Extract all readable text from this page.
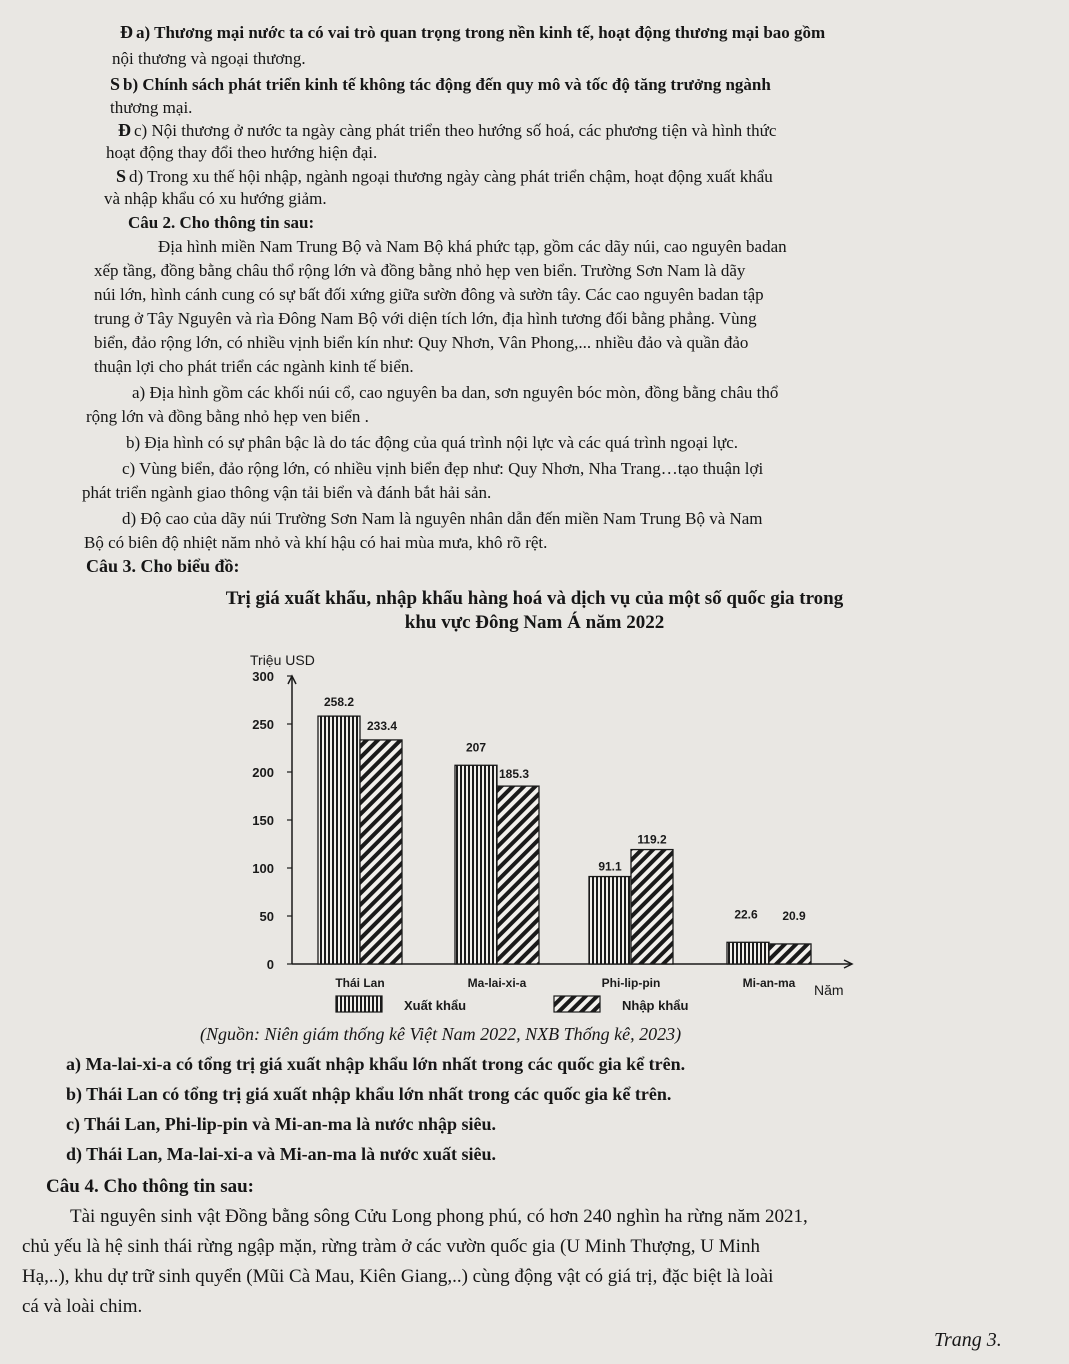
Ð a) Thương mại nước ta có vai trò quan trọng trong nền kinh tế, hoạt động thương mại bao gồm
nội thương và ngoại thương.
S b) Chính sách phát triển kinh tế không tác động đến quy mô và tốc độ tăng trưởng ngành
thương mại.
Đ c) Nội thương ở nước ta ngày càng phát triển theo hướng số hoá, các phương tiện và hình thức
hoạt động thay đổi theo hướng hiện đại.
S d) Trong xu thế hội nhập, ngành ngoại thương ngày càng phát triển chậm, hoạt động xuất khẩu
và nhập khẩu có xu hướng giảm.
Câu 2. Cho thông tin sau:
Địa hình miền Nam Trung Bộ và Nam Bộ khá phức tạp, gồm các dãy núi, cao nguyên badan
xếp tầng, đồng bằng châu thổ rộng lớn và đồng bằng nhỏ hẹp ven biển. Trường Sơn Nam là dãy
núi lớn, hình cánh cung có sự bất đối xứng giữa sườn đông và sườn tây. Các cao nguyên badan tập
trung ở Tây Nguyên và rìa Đông Nam Bộ với diện tích lớn, địa hình tương đối bằng phẳng. Vùng
biển, đảo rộng lớn, có nhiều vịnh biển kín như: Quy Nhơn, Vân Phong,... nhiều đảo và quần đảo
thuận lợi cho phát triển các ngành kinh tế biển.
a) Địa hình gồm các khối núi cổ, cao nguyên ba dan, sơn nguyên bóc mòn, đồng bằng châu thổ
rộng lớn và đồng bằng nhỏ hẹp ven biển .
b) Địa hình có sự phân bậc là do tác động của quá trình nội lực và các quá trình ngoại lực.
c) Vùng biển, đảo rộng lớn, có nhiều vịnh biển đẹp như: Quy Nhơn, Nha Trang…tạo thuận lợi
phát triển ngành giao thông vận tải biển và đánh bắt hải sản.
d) Độ cao của dãy núi Trường Sơn Nam là nguyên nhân dẫn đến miền Nam Trung Bộ và Nam
Bộ có biên độ nhiệt năm nhỏ và khí hậu có hai mùa mưa, khô rõ rệt.
Câu 3. Cho biểu đồ:
Trị giá xuất khẩu, nhập khẩu hàng hoá và dịch vụ của một số quốc gia trong
khu vực Đông Nam Á năm 2022
Triệu USD
Năm
0
50
100
150
200
250
300
258.2
233.4
Thái Lan
207
185.3
Ma-lai-xi-a
91.1
119.2
Phi-lip-pin
22.6 20.9
Mi-an-ma
Xuất khẩu	Nhập khẩu
(Nguồn: Niên giám thống kê Việt Nam 2022, NXB Thống kê, 2023)
a) Ma-lai-xi-a có tổng trị giá xuất nhập khẩu lớn nhất trong các quốc gia kể trên.
b) Thái Lan có tổng trị giá xuất nhập khẩu lớn nhất trong các quốc gia kể trên.
c) Thái Lan, Phi-lip-pin và Mi-an-ma là nước nhập siêu.
d) Thái Lan, Ma-lai-xi-a và Mi-an-ma là nước xuất siêu.
Câu 4. Cho thông tin sau:
Tài nguyên sinh vật Đồng bằng sông Cửu Long phong phú, có hơn 240 nghìn ha rừng năm 2021,
chủ yếu là hệ sinh thái rừng ngập mặn, rừng tràm ở các vườn quốc gia (U Minh Thượng, U Minh
Hạ,..), khu dự trữ sinh quyển (Mũi Cà Mau, Kiên Giang,..) cùng động vật có giá trị, đặc biệt là loài
cá và loài chim.
Trang 3.
